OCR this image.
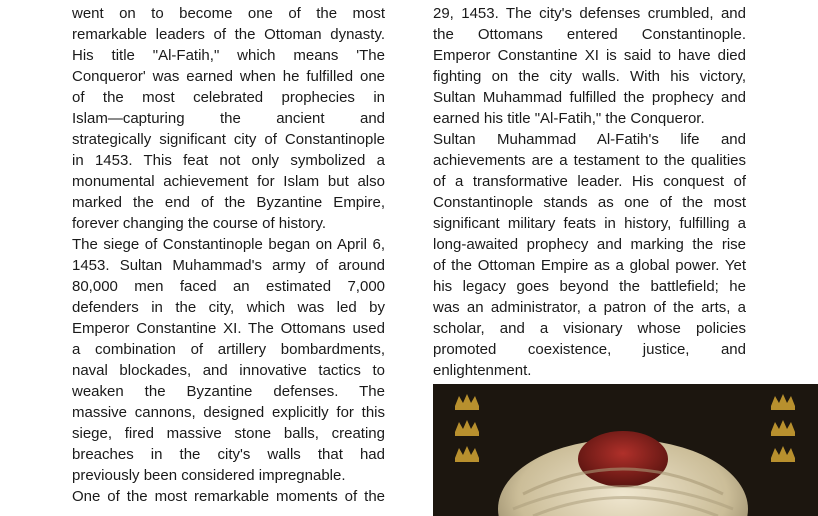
went on to become one of the most
remarkable leaders of the Ottoman dynasty.
His title "Al-Fatih," which means 'The
Conqueror' was earned when he fulfilled one
of the most celebrated prophecies in
Islam—capturing the ancient and
strategically significant city of Constantinople
in 1453. This feat not only symbolized a
monumental achievement for Islam but also
marked the end of the Byzantine Empire,
forever changing the course of history.
The siege of Constantinople began on April 6,
1453. Sultan Muhammad's army of around
80,000 men faced an estimated 7,000
defenders in the city, which was led by
Emperor Constantine XI. The Ottomans used
a combination of artillery bombardments,
naval blockades, and innovative tactics to
weaken the Byzantine defenses. The
massive cannons, designed explicitly for this
siege, fired massive stone balls, creating
breaches in the city's walls that had
previously been considered impregnable.
One of the most remarkable moments of the
29, 1453. The city's defenses crumbled, and
the Ottomans entered Constantinople.
Emperor Constantine XI is said to have died
fighting on the city walls. With his victory,
Sultan Muhammad fulfilled the prophecy and
earned his title "Al-Fatih," the Conqueror.
Sultan Muhammad Al-Fatih's life and
achievements are a testament to the qualities
of a transformative leader. His conquest of
Constantinople stands as one of the most
significant military feats in history, fulfilling a
long-awaited prophecy and marking the rise
of the Ottoman Empire as a global power. Yet
his legacy goes beyond the battlefield; he
was an administrator, a patron of the arts, a
scholar, and a visionary whose policies
promoted coexistence, justice, and
enlightenment.
